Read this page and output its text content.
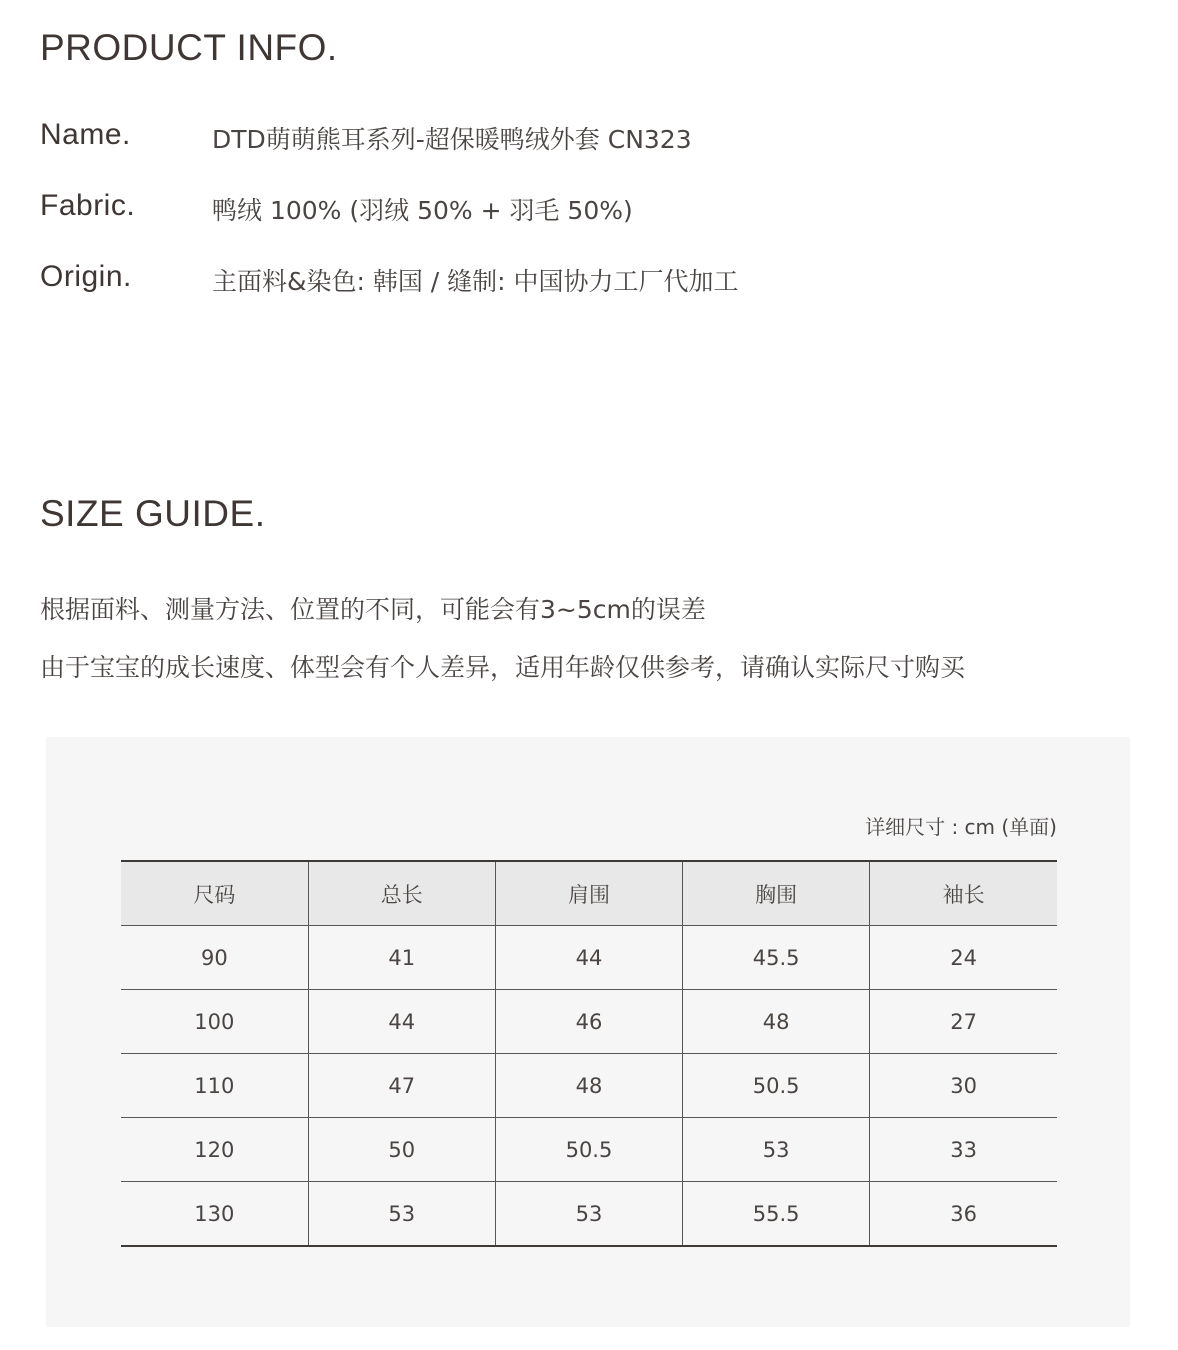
PRODUCT INFO.
Name.	DTD萌萌熊耳系列-超保暖鸭绒外套 CN323
Fabric.	鸭绒 100% (羽绒 50% + 羽毛 50%)
Origin.	主面料&染色: 韩国 / 缝制: 中国协力工厂代加工
SIZE GUIDE.

根据面料、测量方法、位置的不同，可能会有3~5cm的误差

由于宝宝的成长速度、体型会有个人差异，适用年龄仅供参考，请确认实际尺寸购买

详细尺寸 : cm (单面)
尺码	总长	肩围	胸围	袖长
90	41	44	45.5	24
100	44	46	48	27
110	47	48	50.5	30
120	50	50.5	53	33
130	53	53	55.5	36
